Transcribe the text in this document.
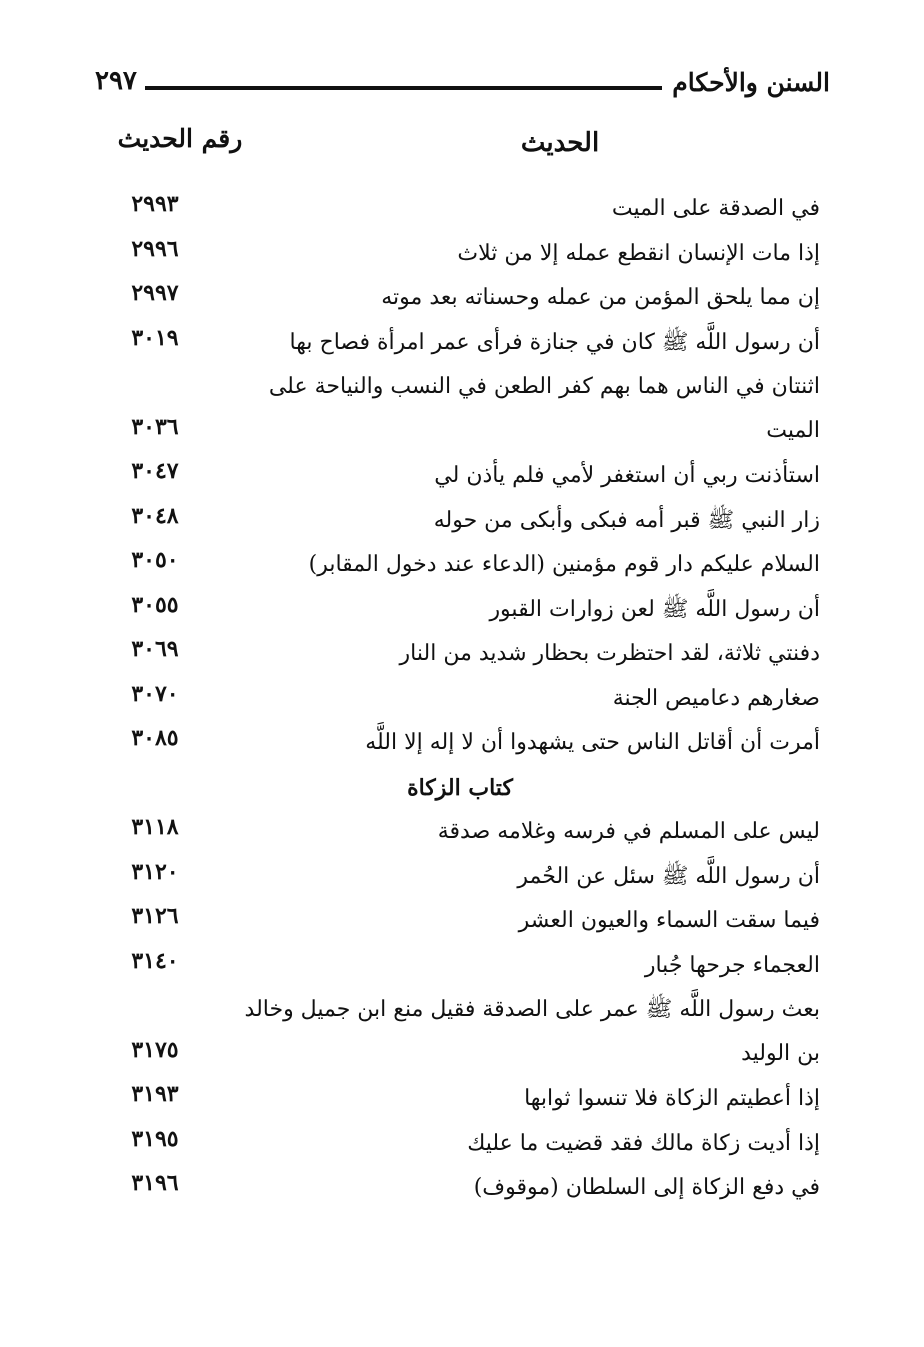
السنن والأحكام
٢٩٧
الحديث
رقم الحديث
في الصدقة على الميت
٢٩٩٣
إذا مات الإنسان انقطع عمله إلا من ثلاث
٢٩٩٦
إن مما يلحق المؤمن من عمله وحسناته بعد موته
٢٩٩٧
أن رسول اللَّه ﷺ كان في جنازة فرأى عمر امرأة فصاح بها
٣٠١٩
اثنتان في الناس هما بهم كفر الطعن في النسب والنياحة على الميت
٣٠٣٦
استأذنت ربي أن استغفر لأمي فلم يأذن لي
٣٠٤٧
زار النبي ﷺ قبر أمه فبكى وأبكى من حوله
٣٠٤٨
السلام عليكم دار قوم مؤمنين (الدعاء عند دخول المقابر)
٣٠٥٠
أن رسول اللَّه ﷺ لعن زوارات القبور
٣٠٥٥
دفنتي ثلاثة، لقد احتظرت بحظار شديد من النار
٣٠٦٩
صغارهم دعاميص الجنة
٣٠٧٠
أمرت أن أقاتل الناس حتى يشهدوا أن لا إله إلا اللَّه
٣٠٨٥
كتاب الزكاة
ليس على المسلم في فرسه وغلامه صدقة
٣١١٨
أن رسول اللَّه ﷺ سئل عن الحُمر
٣١٢٠
فيما سقت السماء والعيون العشر
٣١٢٦
العجماء جرحها جُبار
٣١٤٠
بعث رسول اللَّه ﷺ عمر على الصدقة فقيل منع ابن جميل وخالد بن الوليد
٣١٧٥
إذا أعطيتم الزكاة فلا تنسوا ثوابها
٣١٩٣
إذا أديت زكاة مالك فقد قضيت ما عليك
٣١٩٥
في دفع الزكاة إلى السلطان (موقوف)
٣١٩٦
